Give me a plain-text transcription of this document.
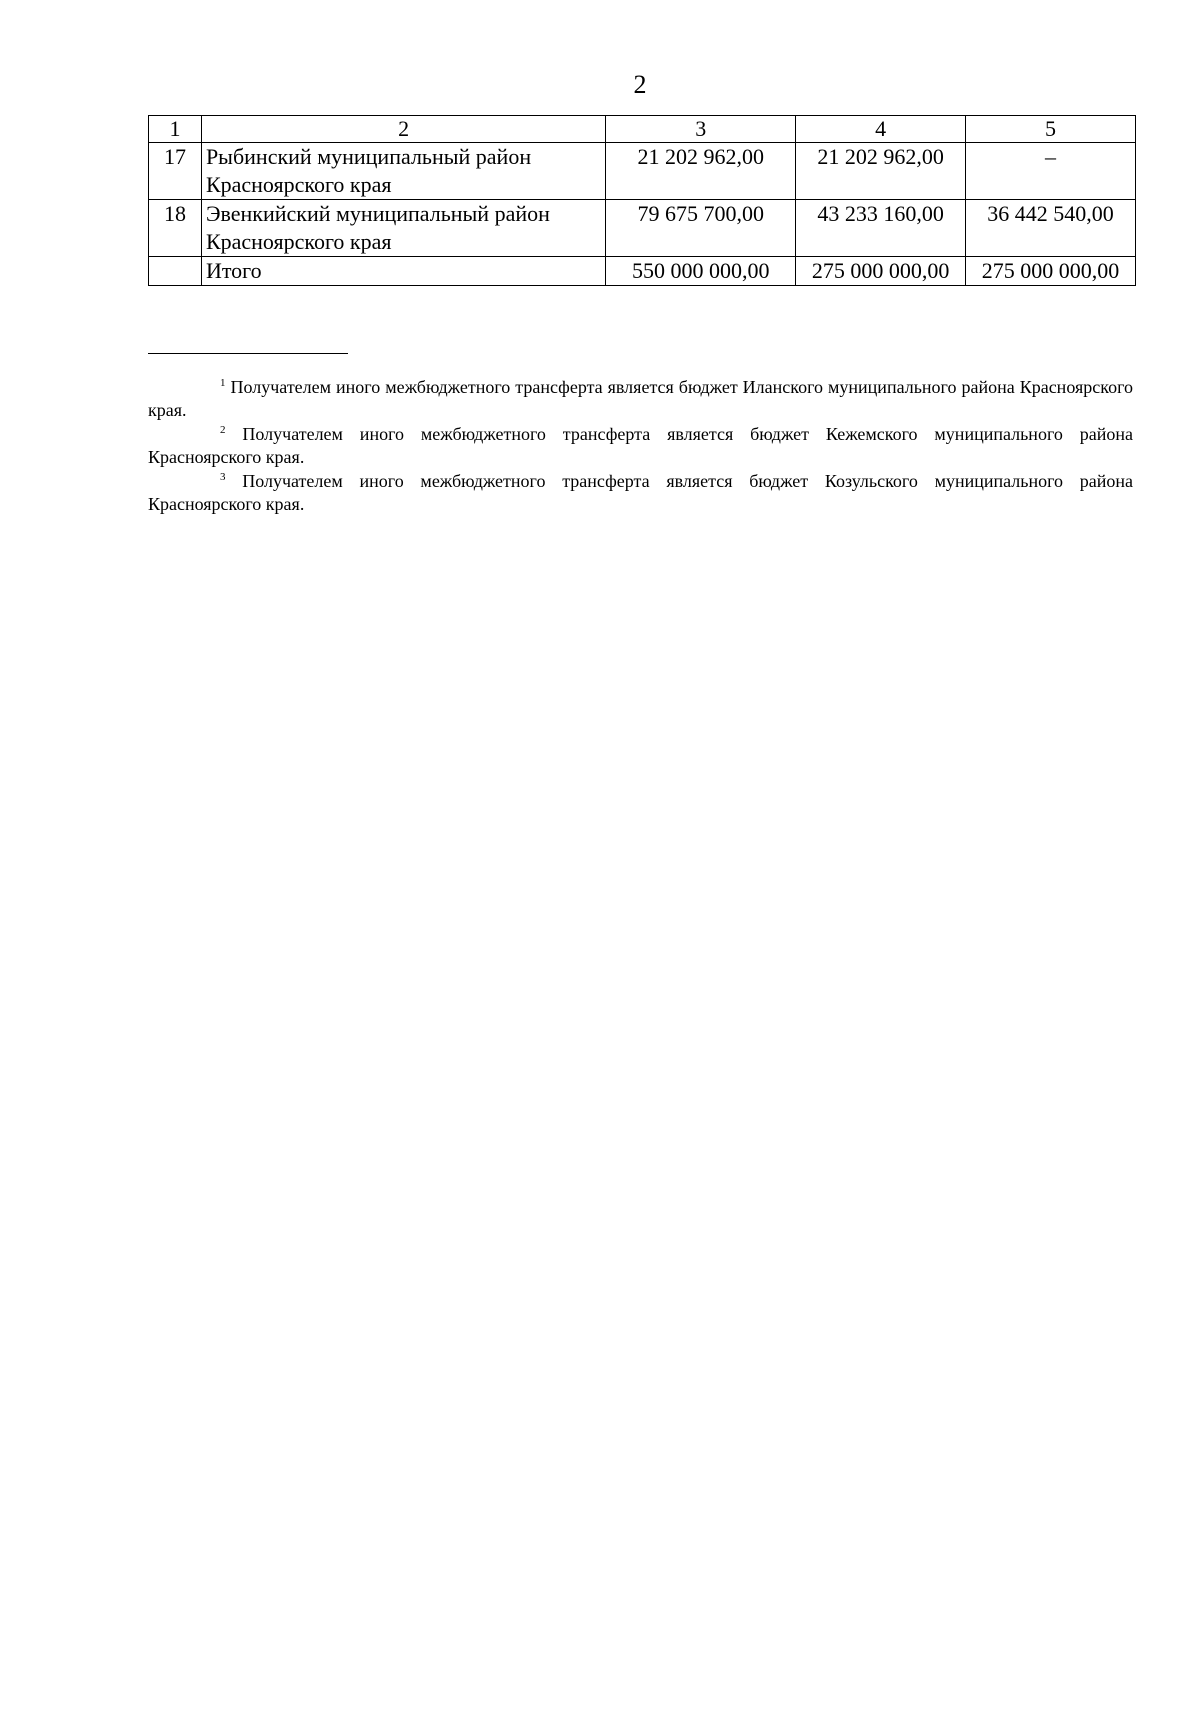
2
1	2	3	4	5
17	Рыбинский муниципальный район Красноярского края	21 202 962,00	21 202 962,00	–
18	Эвенкийский муниципальный район Красноярского края	79 675 700,00	43 233 160,00	36 442 540,00
	Итого	550 000 000,00	275 000 000,00	275 000 000,00

$^1$ Получателем иного межбюджетного трансферта является бюджет Иланского муниципального района Красноярского края.

$^2$ Получателем иного межбюджетного трансферта является бюджет Кежемского муниципального района Красноярского края.

$^3$ Получателем иного межбюджетного трансферта является бюджет Козульского муниципального района Красноярского края.
